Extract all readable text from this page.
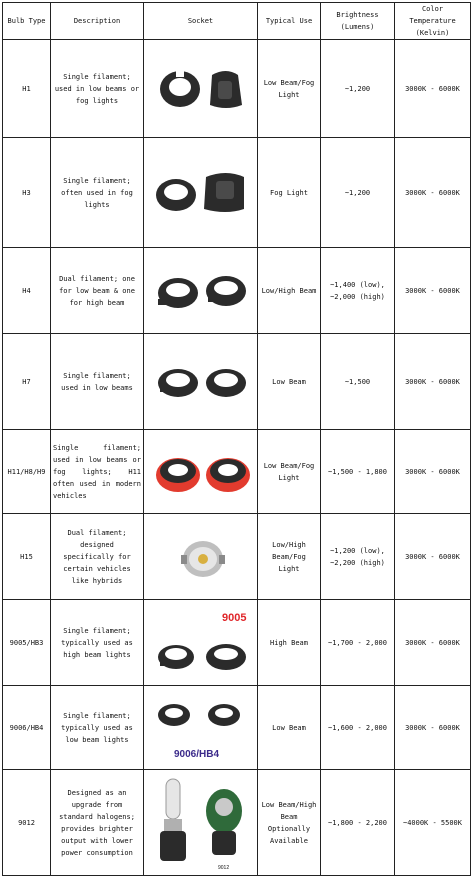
Bulb Type	Description	Socket	Typical Use	Brightness (Lumens)	Color Temperature (Kelvin)
H1	Single filament; used in low beams or fog lights		Low Beam/Fog Light	~1,200	3000K - 6000K
H3	Single filament; often used in fog lights		Fog Light	~1,200	3000K - 6000K
H4	Dual filament; one for low beam & one for high beam		Low/High Beam	~1,400 (low), ~2,000 (high)	3000K - 6000K
H7	Single filament; used in low beams		Low Beam	~1,500	3000K - 6000K
H11/H8/H9	Single filament; used in low beams or fog lights; H11 often used in modern vehicles		Low Beam/Fog Light	~1,500 - 1,800	3000K - 6000K
H15	Dual filament; designed specifically for certain vehicles like hybrids		Low/High Beam/Fog Light	~1,200 (low), ~2,200 (high)	3000K - 6000K
9005/HB3	Single filament; typically used as high beam lights	9005	High Beam	~1,700 - 2,000	3000K - 6000K
9006/HB4	Single filament; typically used as low beam lights	9006/HB4	Low Beam	~1,600 - 2,000	3000K - 6000K
9012	Designed as an upgrade from standard halogens; provides brighter output with lower power consumption	9012	Low Beam/High Beam Optionally Available	~1,800 - 2,200	~4000K - 5500K
